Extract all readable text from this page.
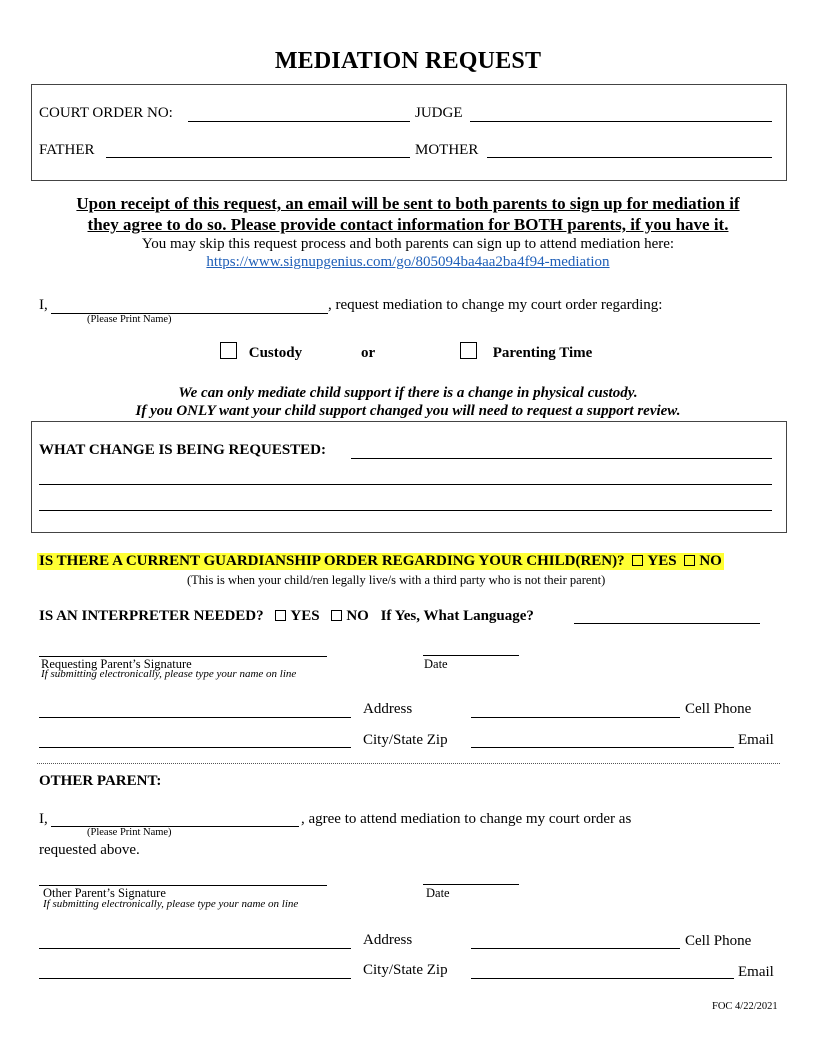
MEDIATION REQUEST
COURT ORDER NO:	JUDGE
FATHER	MOTHER
Upon receipt of this request, an email will be sent to both parents to sign up for mediation if
they agree to do so. Please provide contact information for BOTH parents, if you have it.
You may skip this request process and both parents can sign up to attend mediation here:
https://www.signupgenius.com/go/805094ba4aa2ba4f94-mediation
I,	, request mediation to change my court order regarding:
(Please Print Name)
Custody	or	Parenting Time
We can only mediate child support if there is a change in physical custody.
If you ONLY want your child support changed you will need to request a support review.
WHAT CHANGE IS BEING REQUESTED:
IS THERE A CURRENT GUARDIANSHIP ORDER REGARDING YOUR CHILD(REN)? YES NO
(This is when your child/ren legally live/s with a third party who is not their parent)
IS AN INTERPRETER NEEDED? YES NO If Yes, What Language?
Requesting Parent’s Signature
If submitting electronically, please type your name on line
Date
Address	Cell Phone
City/State Zip	Email
OTHER PARENT:
I,	, agree to attend mediation to change my court order as
(Please Print Name)
requested above.
Other Parent’s Signature
If submitting electronically, please type your name on line
Date
Address	Cell Phone
City/State Zip	Email
FOC 4/22/2021
